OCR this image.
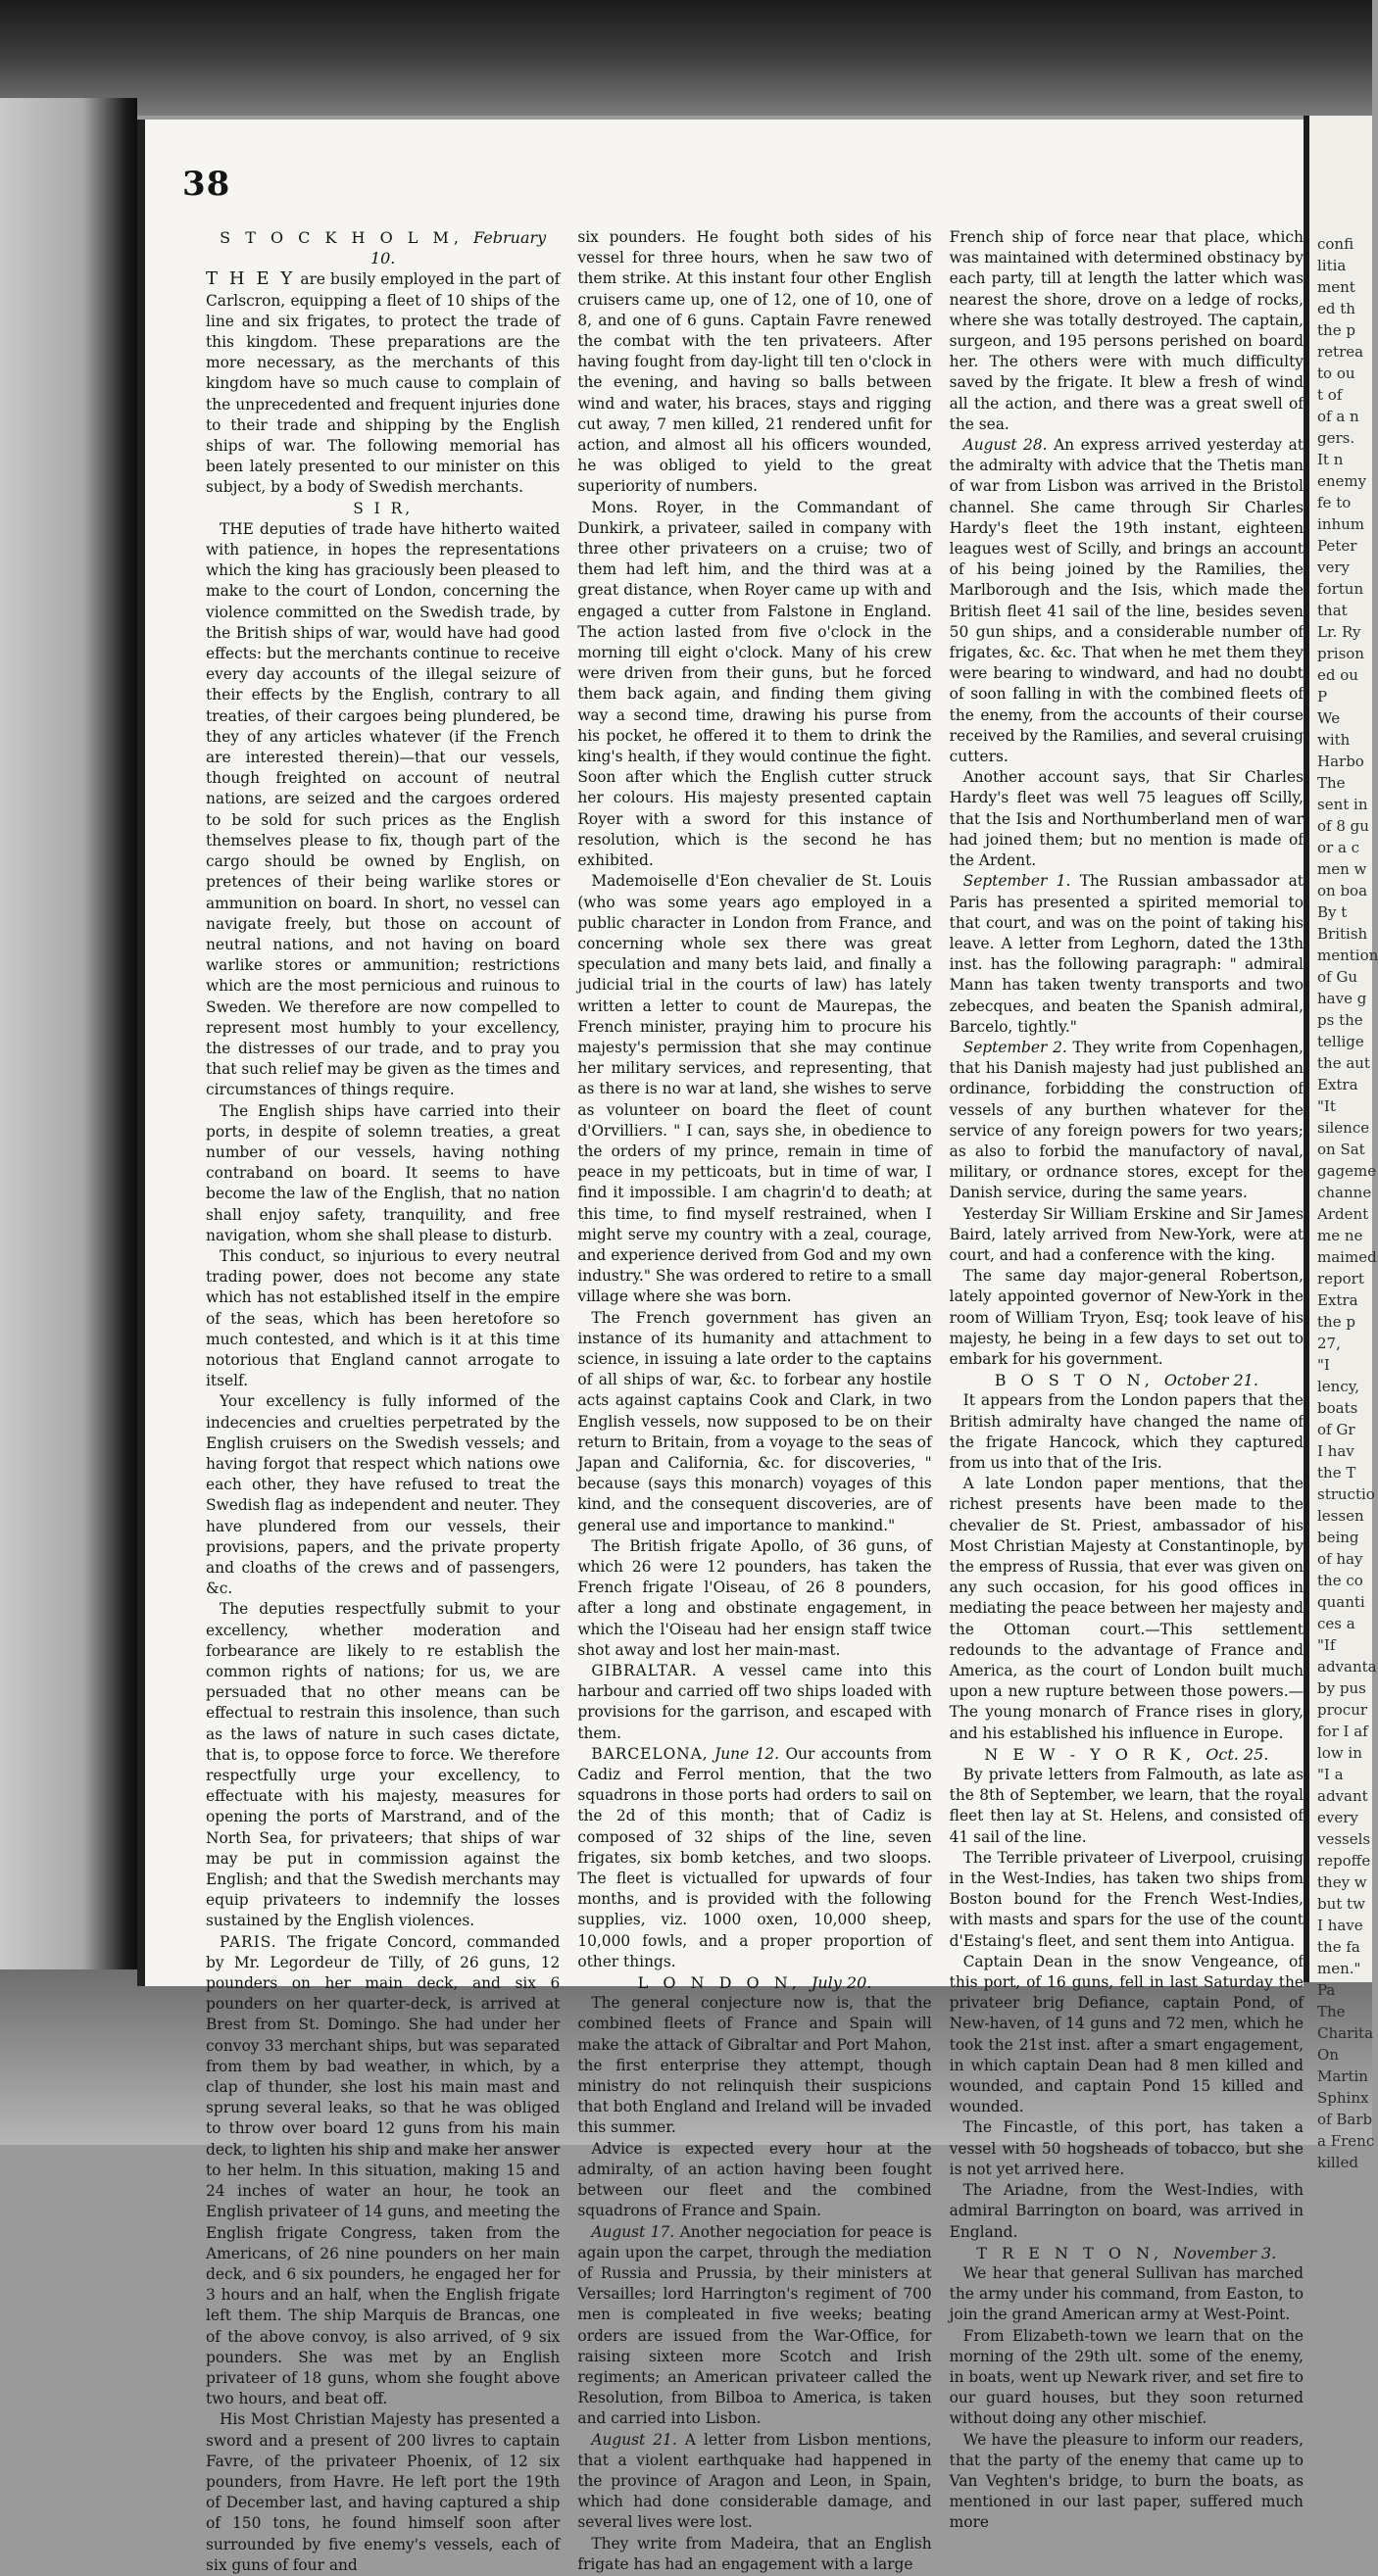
38

S T O C K H O L M, February 10.

T H E Y are busily employed in the part of Carlscron, equipping a fleet of 10 ships of the line and six frigates, to protect the trade of this kingdom. These preparations are the more necessary, as the merchants of this kingdom have so much cause to complain of the unprecedented and frequent injuries done to their trade and shipping by the English ships of war. The following memorial has been lately presented to our minister on this subject, by a body of Swedish merchants.

S I R,

THE deputies of trade have hitherto waited with patience, in hopes the representations which the king has graciously been pleased to make to the court of London, concerning the violence committed on the Swedish trade, by the British ships of war, would have had good effects: but the merchants continue to receive every day accounts of the illegal seizure of their effects by the English, contrary to all treaties, of their cargoes being plundered, be they of any articles whatever (if the French are interested therein)—that our vessels, though freighted on account of neutral nations, are seized and the cargoes ordered to be sold for such prices as the English themselves please to fix, though part of the cargo should be owned by English, on pretences of their being warlike stores or ammunition on board. In short, no vessel can navigate freely, but those on account of neutral nations, and not having on board warlike stores or ammunition; restrictions which are the most pernicious and ruinous to Sweden. We therefore are now compelled to represent most humbly to your excellency, the distresses of our trade, and to pray you that such relief may be given as the times and circumstances of things require.

The English ships have carried into their ports, in despite of solemn treaties, a great number of our vessels, having nothing contraband on board. It seems to have become the law of the English, that no nation shall enjoy safety, tranquility, and free navigation, whom she shall please to disturb.

This conduct, so injurious to every neutral trading power, does not become any state which has not established itself in the empire of the seas, which has been heretofore so much contested, and which is it at this time notorious that England cannot arrogate to itself.

Your excellency is fully informed of the indecencies and cruelties perpetrated by the English cruisers on the Swedish vessels; and having forgot that respect which nations owe each other, they have refused to treat the Swedish flag as independent and neuter. They have plundered from our vessels, their provisions, papers, and the private property and cloaths of the crews and of passengers, &c.

The deputies respectfully submit to your excellency, whether moderation and forbearance are likely to re establish the common rights of nations; for us, we are persuaded that no other means can be effectual to restrain this insolence, than such as the laws of nature in such cases dictate, that is, to oppose force to force. We therefore respectfully urge your excellency, to effectuate with his majesty, measures for opening the ports of Marstrand, and of the North Sea, for privateers; that ships of war may be put in commission against the English; and that the Swedish merchants may equip privateers to indemnify the losses sustained by the English violences.

PARIS. The frigate Concord, commanded by Mr. Legordeur de Tilly, of 26 guns, 12 pounders on her main deck, and six 6 pounders on her quarter-deck, is arrived at Brest from St. Domingo. She had under her convoy 33 merchant ships, but was separated from them by bad weather, in which, by a clap of thunder, she lost his main mast and sprung several leaks, so that he was obliged to throw over board 12 guns from his main deck, to lighten his ship and make her answer to her helm. In this situation, making 15 and 24 inches of water an hour, he took an English privateer of 14 guns, and meeting the English frigate Congress, taken from the Americans, of 26 nine pounders on her main deck, and 6 six pounders, he engaged her for 3 hours and an half, when the English frigate left them. The ship Marquis de Brancas, one of the above convoy, is also arrived, of 9 six pounders. She was met by an English privateer of 18 guns, whom she fought above two hours, and beat off.

His Most Christian Majesty has presented a sword and a present of 200 livres to captain Favre, of the privateer Phoenix, of 12 six pounders, from Havre. He left port the 19th of December last, and having captured a ship of 150 tons, he found himself soon after surrounded by five enemy's vessels, each of six guns of four and

six pounders. He fought both sides of his vessel for three hours, when he saw two of them strike. At this instant four other English cruisers came up, one of 12, one of 10, one of 8, and one of 6 guns. Captain Favre renewed the combat with the ten privateers. After having fought from day-light till ten o'clock in the evening, and having so balls between wind and water, his braces, stays and rigging cut away, 7 men killed, 21 rendered unfit for action, and almost all his officers wounded, he was obliged to yield to the great superiority of numbers.

Mons. Royer, in the Commandant of Dunkirk, a privateer, sailed in company with three other privateers on a cruise; two of them had left him, and the third was at a great distance, when Royer came up with and engaged a cutter from Falstone in England. The action lasted from five o'clock in the morning till eight o'clock. Many of his crew were driven from their guns, but he forced them back again, and finding them giving way a second time, drawing his purse from his pocket, he offered it to them to drink the king's health, if they would continue the fight. Soon after which the English cutter struck her colours. His majesty presented captain Royer with a sword for this instance of resolution, which is the second he has exhibited.

Mademoiselle d'Eon chevalier de St. Louis (who was some years ago employed in a public character in London from France, and concerning whole sex there was great speculation and many bets laid, and finally a judicial trial in the courts of law) has lately written a letter to count de Maurepas, the French minister, praying him to procure his majesty's permission that she may continue her military services, and representing, that as there is no war at land, she wishes to serve as volunteer on board the fleet of count d'Orvilliers. " I can, says she, in obedience to the orders of my prince, remain in time of peace in my petticoats, but in time of war, I find it impossible. I am chagrin'd to death; at this time, to find myself restrained, when I might serve my country with a zeal, courage, and experience derived from God and my own industry." She was ordered to retire to a small village where she was born.

The French government has given an instance of its humanity and attachment to science, in issuing a late order to the captains of all ships of war, &c. to forbear any hostile acts against captains Cook and Clark, in two English vessels, now supposed to be on their return to Britain, from a voyage to the seas of Japan and California, &c. for discoveries, " because (says this monarch) voyages of this kind, and the consequent discoveries, are of general use and importance to mankind."

The British frigate Apollo, of 36 guns, of which 26 were 12 pounders, has taken the French frigate l'Oiseau, of 26 8 pounders, after a long and obstinate engagement, in which the l'Oiseau had her ensign staff twice shot away and lost her main-mast.

GIBRALTAR. A vessel came into this harbour and carried off two ships loaded with provisions for the garrison, and escaped with them.

BARCELONA, June 12. Our accounts from Cadiz and Ferrol mention, that the two squadrons in those ports had orders to sail on the 2d of this month; that of Cadiz is composed of 32 ships of the line, seven frigates, six bomb ketches, and two sloops. The fleet is victualled for upwards of four months, and is provided with the following supplies, viz. 1000 oxen, 10,000 sheep, 10,000 fowls, and a proper proportion of other things.

L O N D O N, July 20.

The general conjecture now is, that the combined fleets of France and Spain will make the attack of Gibraltar and Port Mahon, the first enterprise they attempt, though ministry do not relinquish their suspicions that both England and Ireland will be invaded this summer.

Advice is expected every hour at the admiralty, of an action having been fought between our fleet and the combined squadrons of France and Spain.

August 17. Another negociation for peace is again upon the carpet, through the mediation of Russia and Prussia, by their ministers at Versailles; lord Harrington's regiment of 700 men is compleated in five weeks; beating orders are issued from the War-Office, for raising sixteen more Scotch and Irish regiments; an American privateer called the Resolution, from Bilboa to America, is taken and carried into Lisbon.

August 21. A letter from Lisbon mentions, that a violent earthquake had happened in the province of Aragon and Leon, in Spain, which had done considerable damage, and several lives were lost.

They write from Madeira, that an English frigate has had an engagement with a large

French ship of force near that place, which was maintained with determined obstinacy by each party, till at length the latter which was nearest the shore, drove on a ledge of rocks, where she was totally destroyed. The captain, surgeon, and 195 persons perished on board her. The others were with much difficulty saved by the frigate. It blew a fresh of wind all the action, and there was a great swell of the sea.

August 28. An express arrived yesterday at the admiralty with advice that the Thetis man of war from Lisbon was arrived in the Bristol channel. She came through Sir Charles Hardy's fleet the 19th instant, eighteen leagues west of Scilly, and brings an account of his being joined by the Ramilies, the Marlborough and the Isis, which made the British fleet 41 sail of the line, besides seven 50 gun ships, and a considerable number of frigates, &c. &c. That when he met them they were bearing to windward, and had no doubt of soon falling in with the combined fleets of the enemy, from the accounts of their course received by the Ramilies, and several cruising cutters.

Another account says, that Sir Charles Hardy's fleet was well 75 leagues off Scilly, that the Isis and Northumberland men of war had joined them; but no mention is made of the Ardent.

September 1. The Russian ambassador at Paris has presented a spirited memorial to that court, and was on the point of taking his leave. A letter from Leghorn, dated the 13th inst. has the following paragraph: " admiral Mann has taken twenty transports and two zebecques, and beaten the Spanish admiral, Barcelo, tightly."

September 2. They write from Copenhagen, that his Danish majesty had just published an ordinance, forbidding the construction of vessels of any burthen whatever for the service of any foreign powers for two years; as also to forbid the manufactory of naval, military, or ordnance stores, except for the Danish service, during the same years.

Yesterday Sir William Erskine and Sir James Baird, lately arrived from New-York, were at court, and had a conference with the king.

The same day major-general Robertson, lately appointed governor of New-York in the room of William Tryon, Esq; took leave of his majesty, he being in a few days to set out to embark for his government.

B O S T O N, October 21.

It appears from the London papers that the British admiralty have changed the name of the frigate Hancock, which they captured from us into that of the Iris.

A late London paper mentions, that the richest presents have been made to the chevalier de St. Priest, ambassador of his Most Christian Majesty at Constantinople, by the empress of Russia, that ever was given on any such occasion, for his good offices in mediating the peace between her majesty and the Ottoman court.—This settlement redounds to the advantage of France and America, as the court of London built much upon a new rupture between those powers.—The young monarch of France rises in glory, and his established his influence in Europe.

N E W - Y O R K, Oct. 25.

By private letters from Falmouth, as late as the 8th of September, we learn, that the royal fleet then lay at St. Helens, and consisted of 41 sail of the line.

The Terrible privateer of Liverpool, cruising in the West-Indies, has taken two ships from Boston bound for the French West-Indies, with masts and spars for the use of the count d'Estaing's fleet, and sent them into Antigua.

Captain Dean in the snow Vengeance, of this port, of 16 guns, fell in last Saturday the privateer brig Defiance, captain Pond, of New-haven, of 14 guns and 72 men, which he took the 21st inst. after a smart engagement, in which captain Dean had 8 men killed and wounded, and captain Pond 15 killed and wounded.

The Fincastle, of this port, has taken a vessel with 50 hogsheads of tobacco, but she is not yet arrived here.

The Ariadne, from the West-Indies, with admiral Barrington on board, was arrived in England.

T R E N T O N, November 3.

We hear that general Sullivan has marched the army under his command, from Easton, to join the grand American army at West-Point.

From Elizabeth-town we learn that on the morning of the 29th ult. some of the enemy, in boats, went up Newark river, and set fire to our guard houses, but they soon returned without doing any other mischief.

We have the pleasure to inform our readers, that the party of the enemy that came up to Van Veghten's bridge, to burn the boats, as mentioned in our last paper, suffered much more

confi
litia
ment
ed th
the p
retrea
to ou
t of
of a n
gers.
It n
enemy
fe to
inhum
Peter
very
fortun
that
Lr. Ry
prison
ed ou
P
We
with
Harbo
The
sent in
of 8 gu
or a c
men w
on boa
By t
British
mention
of Gu
have g
ps the
tellige
the aut
Extra
"It
silence
on Sat
gageme
channe
Ardent
me ne
maimed
report
Extra
the p
27,
"I
lency,
boats
of Gr
I hav
the T
structio
lessen
being
of hay
the co
quanti
ces a
"If
advanta
by pus
procur
for I af
low in
"I a
advant
every
vessels
repoffe
they w
but tw
I have
the fa
men."
Pa
The
Charita
On
Martin
Sphinx
of Barb
a Frenc
killed
